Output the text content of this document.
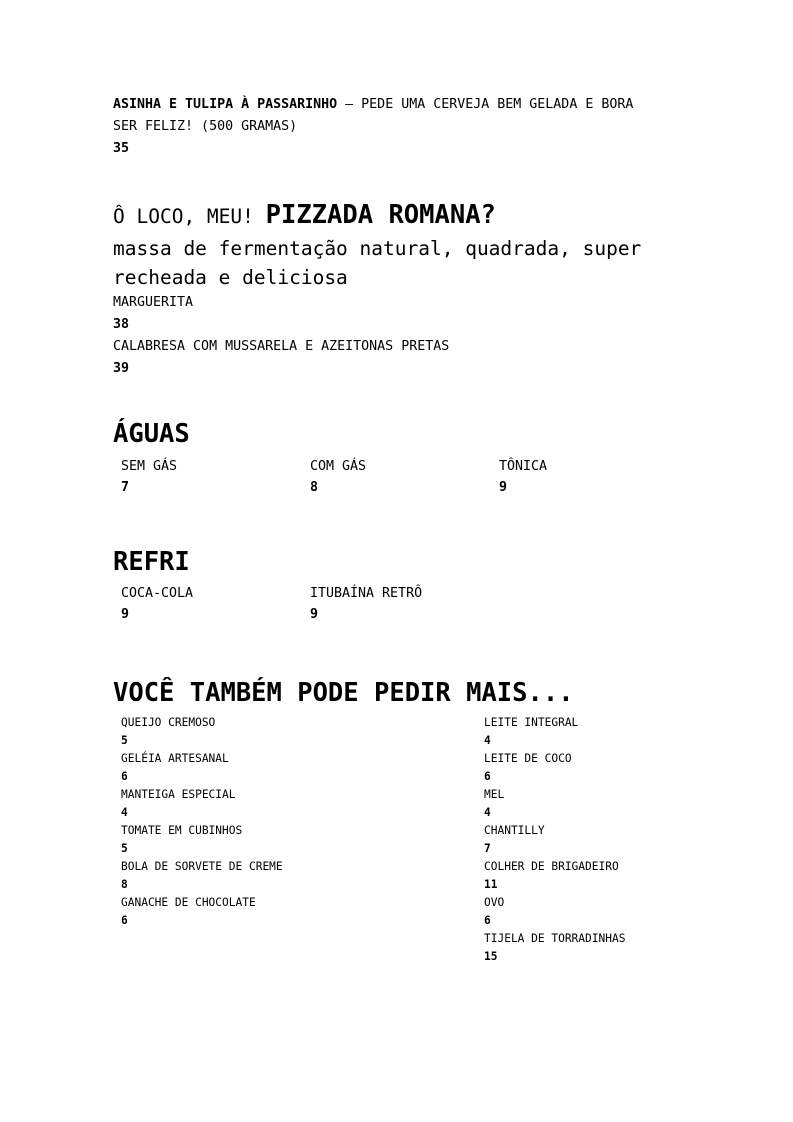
ASINHA E TULIPA À PASSARINHO – PEDE UMA CERVEJA BEM GELADA E BORA SER FELIZ! (500 GRAMAS)
35
Ô LOCO, MEU! PIZZADA ROMANA?
massa de fermentação natural, quadrada, super recheada e deliciosa
MARGUERITA
38
CALABRESA COM MUSSARELA E AZEITONAS PRETAS
39
ÁGUAS
SEM GÁS
7
COM GÁS
8
TÔNICA
9
REFRI
COCA-COLA
9
ITUBAÍNA RETRÔ
9
VOCÊ TAMBÉM PODE PEDIR MAIS...
QUEIJO CREMOSO
5
GELÉIA ARTESANAL
6
MANTEIGA ESPECIAL
4
TOMATE EM CUBINHOS
5
BOLA DE SORVETE DE CREME
8
GANACHE DE CHOCOLATE
6
LEITE INTEGRAL
4
LEITE DE COCO
6
MEL
4
CHANTILLY
7
COLHER DE BRIGADEIRO
11
OVO
6
TIJELA DE TORRADINHAS
15
